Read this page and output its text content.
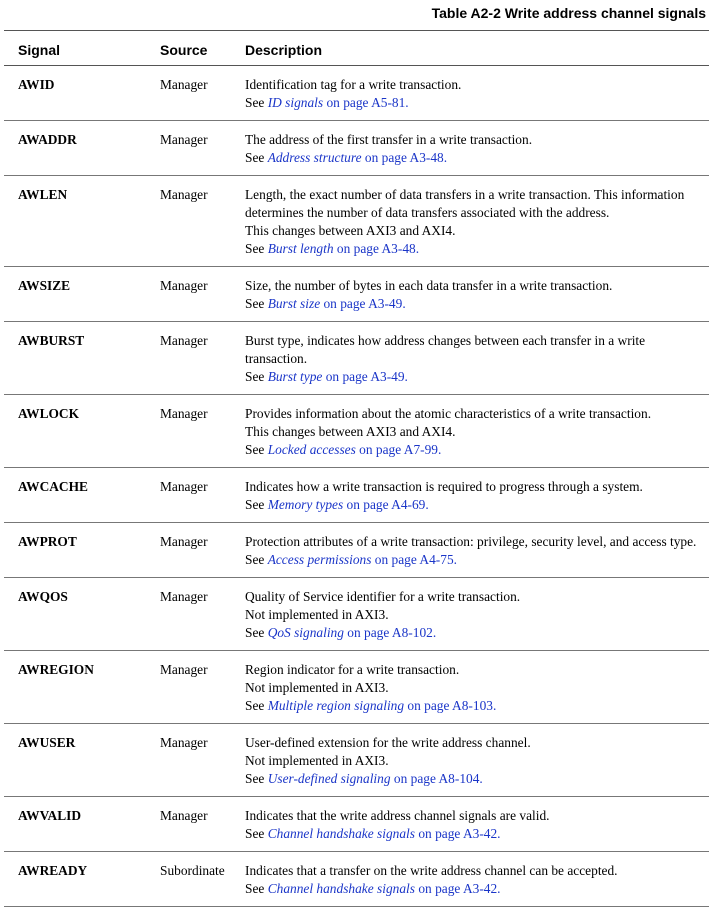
Table A2-2 Write address channel signals
Signal	Source	Description
AWID	Manager	Identification tag for a write transaction.
See ID signals on page A5-81.

AWADDR	Manager	The address of the first transfer in a write transaction.
See Address structure on page A3-48.

AWLEN	Manager	Length, the exact number of data transfers in a write transaction. This information determines the number of data transfers associated with the address.
This changes between AXI3 and AXI4.
See Burst length on page A3-48.

AWSIZE	Manager	Size, the number of bytes in each data transfer in a write transaction.
See Burst size on page A3-49.

AWBURST	Manager	Burst type, indicates how address changes between each transfer in a write transaction.
See Burst type on page A3-49.

AWLOCK	Manager	Provides information about the atomic characteristics of a write transaction.
This changes between AXI3 and AXI4.
See Locked accesses on page A7-99.

AWCACHE	Manager	Indicates how a write transaction is required to progress through a system.
See Memory types on page A4-69.

AWPROT	Manager	Protection attributes of a write transaction: privilege, security level, and access type.
See Access permissions on page A4-75.

AWQOS	Manager	Quality of Service identifier for a write transaction.
Not implemented in AXI3.
See QoS signaling on page A8-102.

AWREGION	Manager	Region indicator for a write transaction.
Not implemented in AXI3.
See Multiple region signaling on page A8-103.

AWUSER	Manager	User-defined extension for the write address channel.
Not implemented in AXI3.
See User-defined signaling on page A8-104.

AWVALID	Manager	Indicates that the write address channel signals are valid.
See Channel handshake signals on page A3-42.

AWREADY	Subordinate	Indicates that a transfer on the write address channel can be accepted.
See Channel handshake signals on page A3-42.
